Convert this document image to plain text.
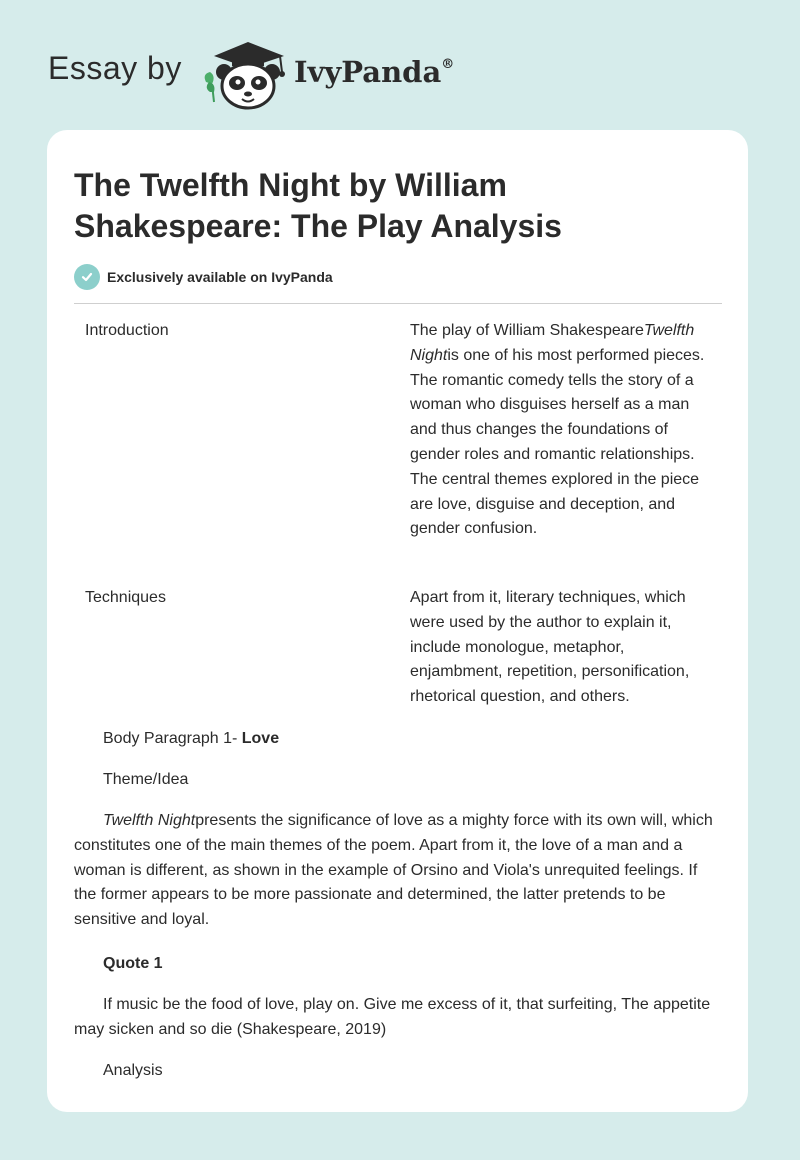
Essay by	IvyPanda®
The Twelfth Night by William Shakespeare: The Play Analysis
Exclusively available on IvyPanda
Introduction	The play of William ShakespeareTwelfth Nightis one of his most performed pieces. The romantic comedy tells the story of a woman who disguises herself as a man and thus changes the foundations of gender roles and romantic relationships. The central themes explored in the piece are love, disguise and deception, and gender confusion.
Techniques	Apart from it, literary techniques, which were used by the author to explain it, include monologue, metaphor, enjambment, repetition, personification, rhetorical question, and others.

Body Paragraph 1- Love

Theme/Idea

Twelfth Nightpresents the significance of love as a mighty force with its own will, which constitutes one of the main themes of the poem. Apart from it, the love of a man and a woman is different, as shown in the example of Orsino and Viola's unrequited feelings. If the former appears to be more passionate and determined, the latter pretends to be sensitive and loyal.

Quote 1

If music be the food of love, play on. Give me excess of it, that surfeiting, The appetite may sicken and so die (Shakespeare, 2019)

Analysis
